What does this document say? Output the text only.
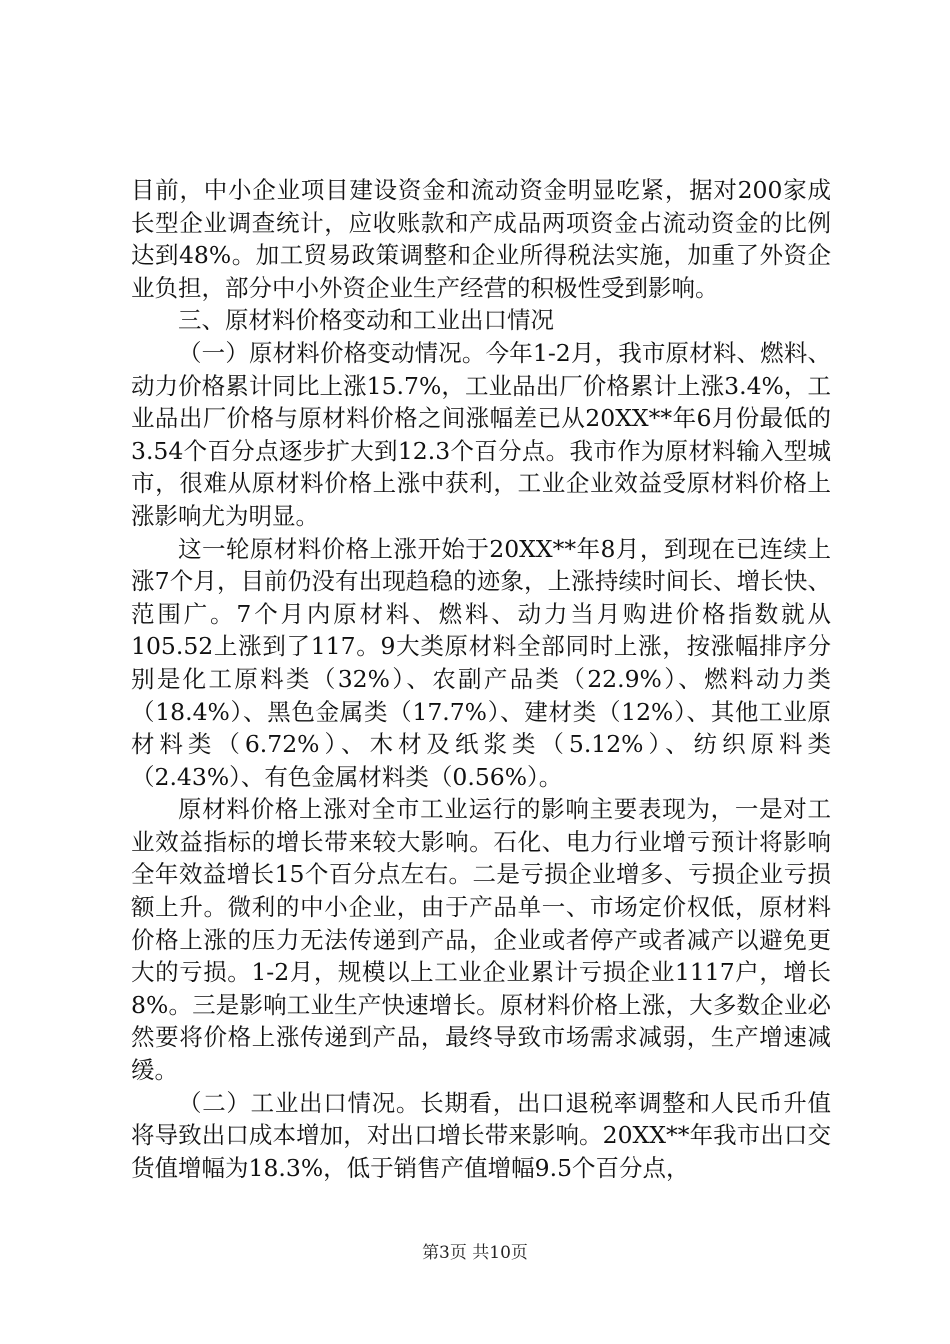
目前，中小企业项目建设资金和流动资金明显吃紧，据对200家成长型企业调查统计，应收账款和产成品两项资金占流动资金的比例达到48%。加工贸易政策调整和企业所得税法实施，加重了外资企业负担，部分中小外资企业生产经营的积极性受到影响。

三、原材料价格变动和工业出口情况

（一）原材料价格变动情况。今年1-2月，我市原材料、燃料、动力价格累计同比上涨15.7%，工业品出厂价格累计上涨3.4%，工业品出厂价格与原材料价格之间涨幅差已从20XX**年6月份最低的3.54个百分点逐步扩大到12.3个百分点。我市作为原材料输入型城市，很难从原材料价格上涨中获利，工业企业效益受原材料价格上涨影响尤为明显。

这一轮原材料价格上涨开始于20XX**年8月，到现在已连续上涨7个月，目前仍没有出现趋稳的迹象，上涨持续时间长、增长快、范围广。7个月内原材料、燃料、动力当月购进价格指数就从105.52上涨到了117。9大类原材料全部同时上涨，按涨幅排序分别是化工原料类（32%）、农副产品类（22.9%）、燃料动力类（18.4%）、黑色金属类（17.7%）、建材类（12%）、其他工业原材料类（6.72%）、木材及纸浆类（5.12%）、纺织原料类（2.43%）、有色金属材料类（0.56%）。

原材料价格上涨对全市工业运行的影响主要表现为，一是对工业效益指标的增长带来较大影响。石化、电力行业增亏预计将影响全年效益增长15个百分点左右。二是亏损企业增多、亏损企业亏损额上升。微利的中小企业，由于产品单一、市场定价权低，原材料价格上涨的压力无法传递到产品，企业或者停产或者减产以避免更大的亏损。1-2月，规模以上工业企业累计亏损企业1117户，增长8%。三是影响工业生产快速增长。原材料价格上涨，大多数企业必然要将价格上涨传递到产品，最终导致市场需求减弱，生产增速减缓。

（二）工业出口情况。长期看，出口退税率调整和人民币升值将导致出口成本增加，对出口增长带来影响。20XX**年我市出口交货值增幅为18.3%，低于销售产值增幅9.5个百分点，

第3页 共10页
